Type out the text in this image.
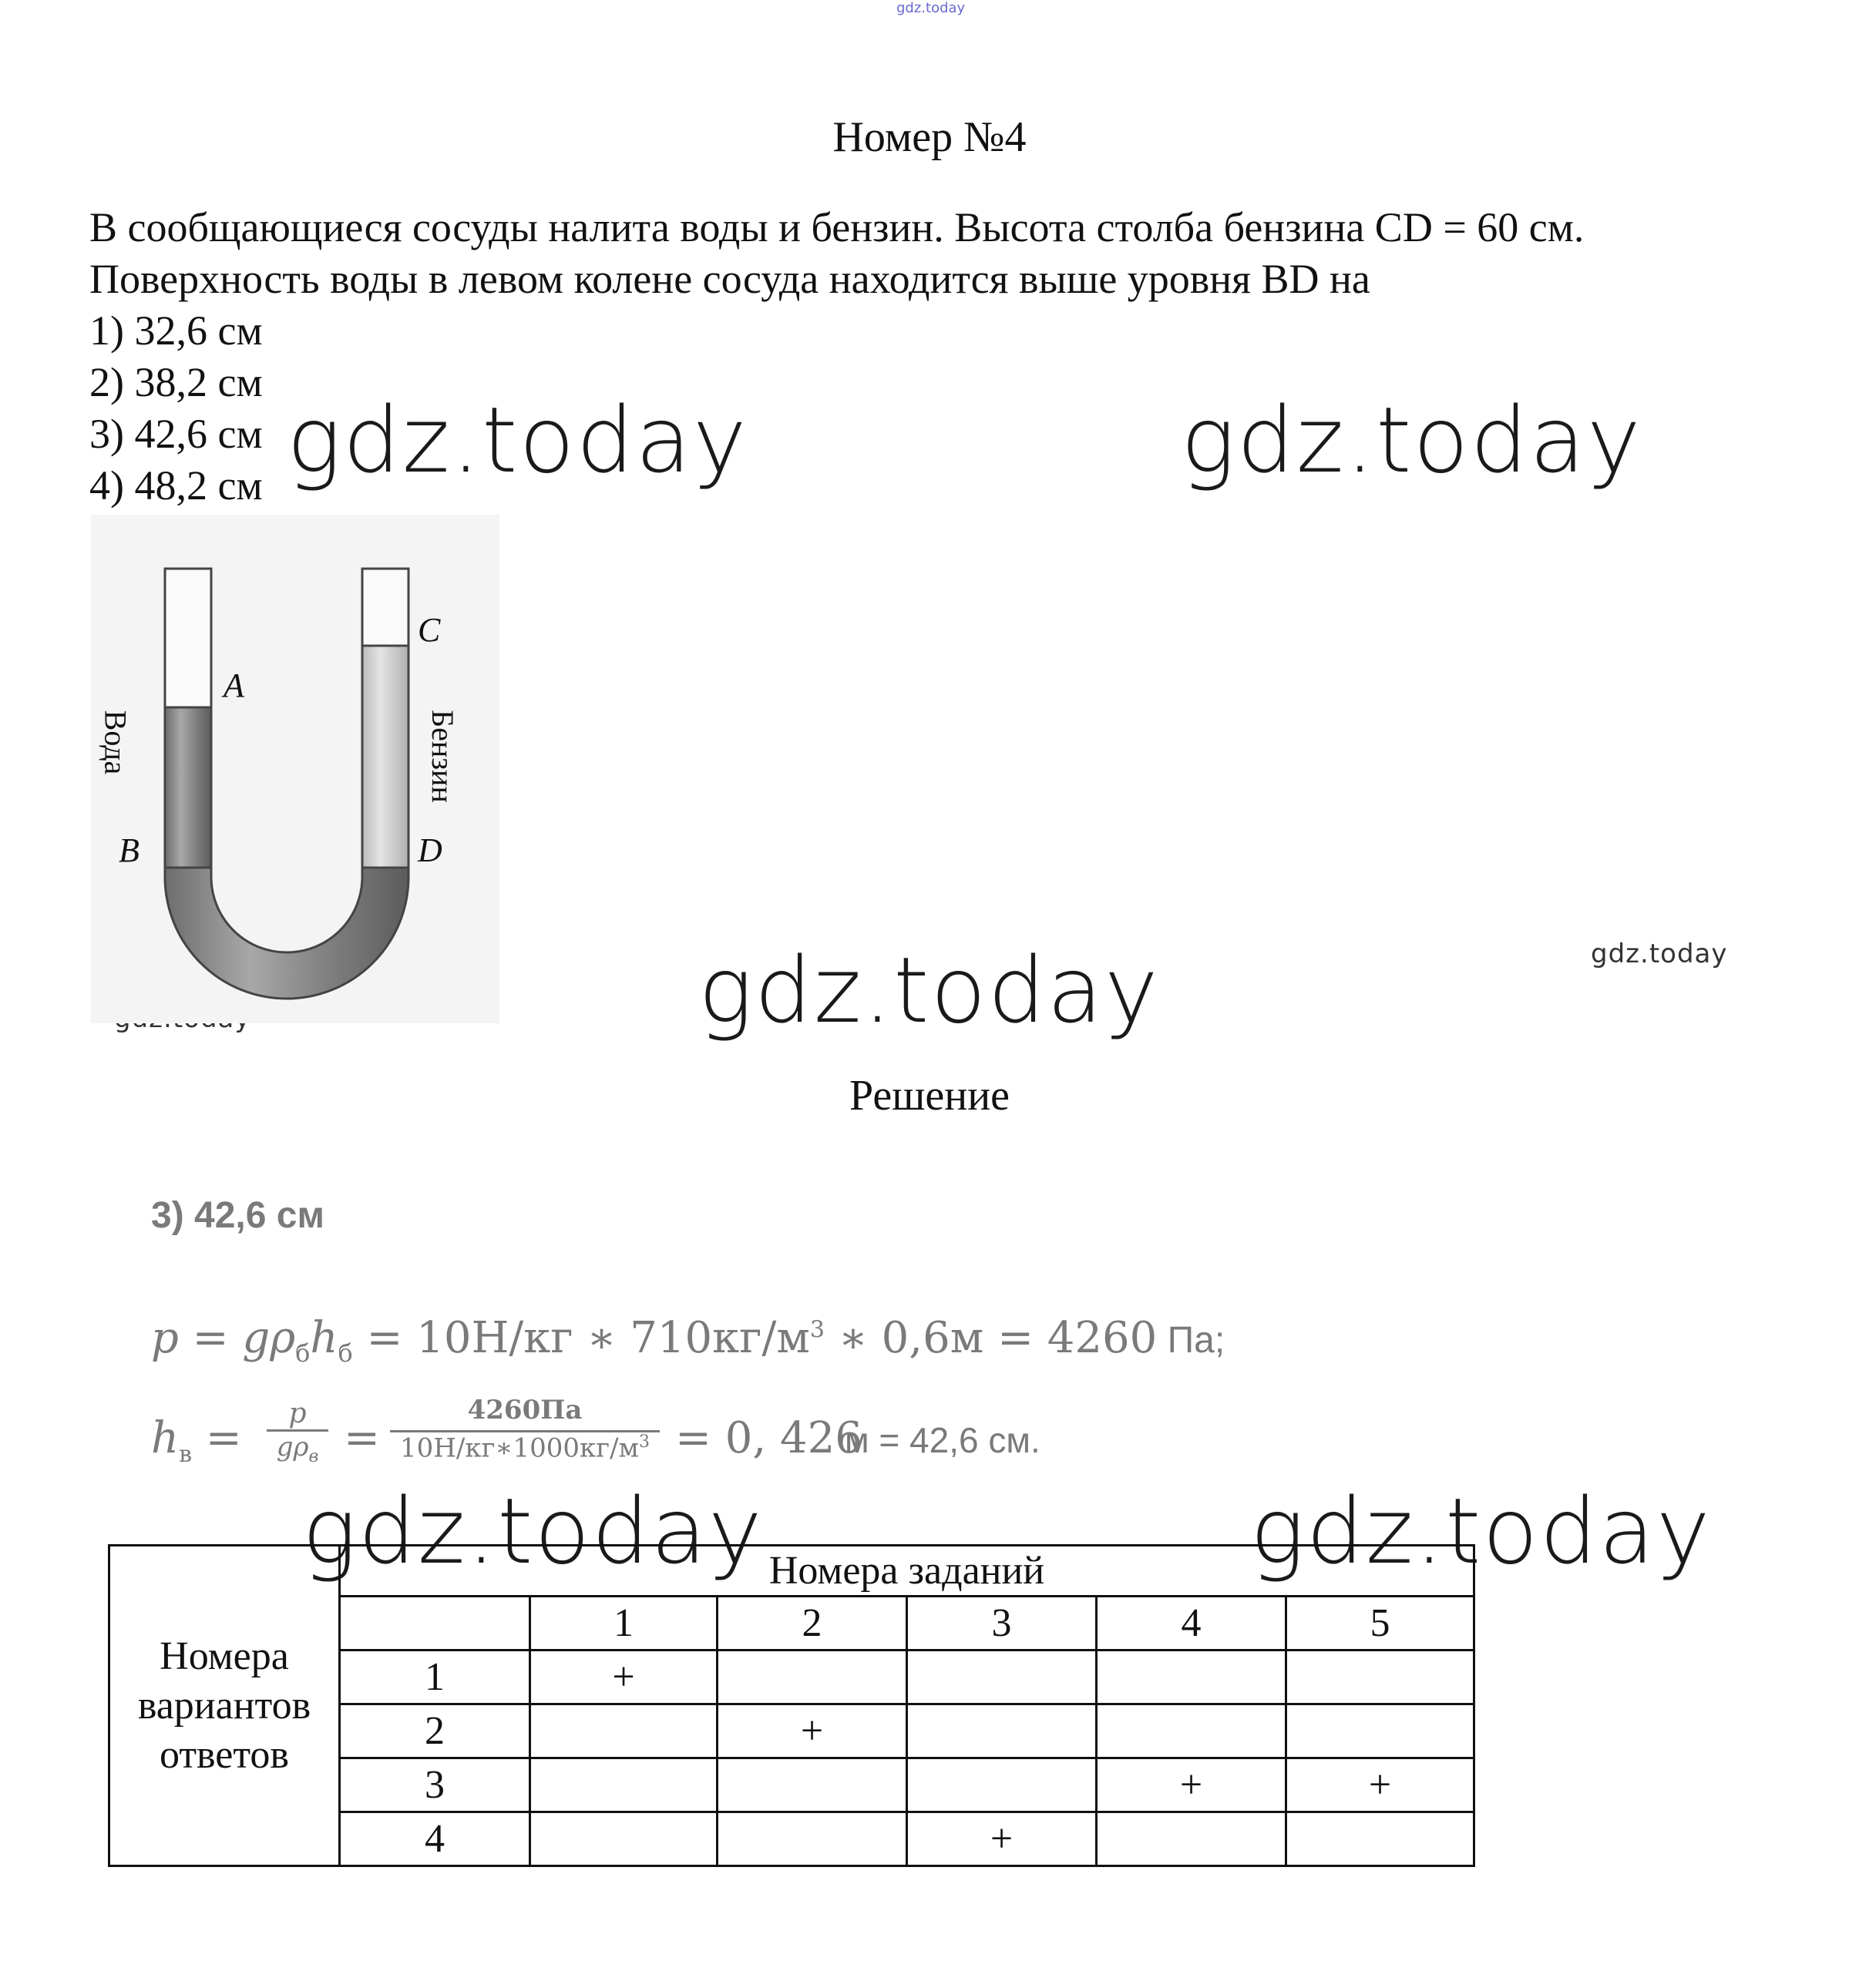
gdz.today
Номер №4
В сообщающиеся сосуды налита воды и бензин. Высота столба бензина CD = 60 см. Поверхность воды в левом колене сосуда находится выше уровня BD на
1) 32,6 см
2) 38,2 см
3) 42,6 см
4) 48,2 см gdz.today	gdz.today
gdz.today
gdz.today	gdz.today
gdz.today
A
B
C
D
Вода	Бензин
Решение
3) 42,6 см
$p = g\rho_бh_б = 10Н/кг$ ∗ $710кг/м^3$ ∗ 0,6м = 4260 Па;
$h_в$ =	p
$g\rho_в$ =
4260Па
$10Н/кг∗1000кг/м^3 = 0$, 426
м = 42,6 см.
Номера вариантов ответов	Номера заданий					
		1	2	3	4	5
	1	+				
	2		+			
	3				+	+
	4			+		
